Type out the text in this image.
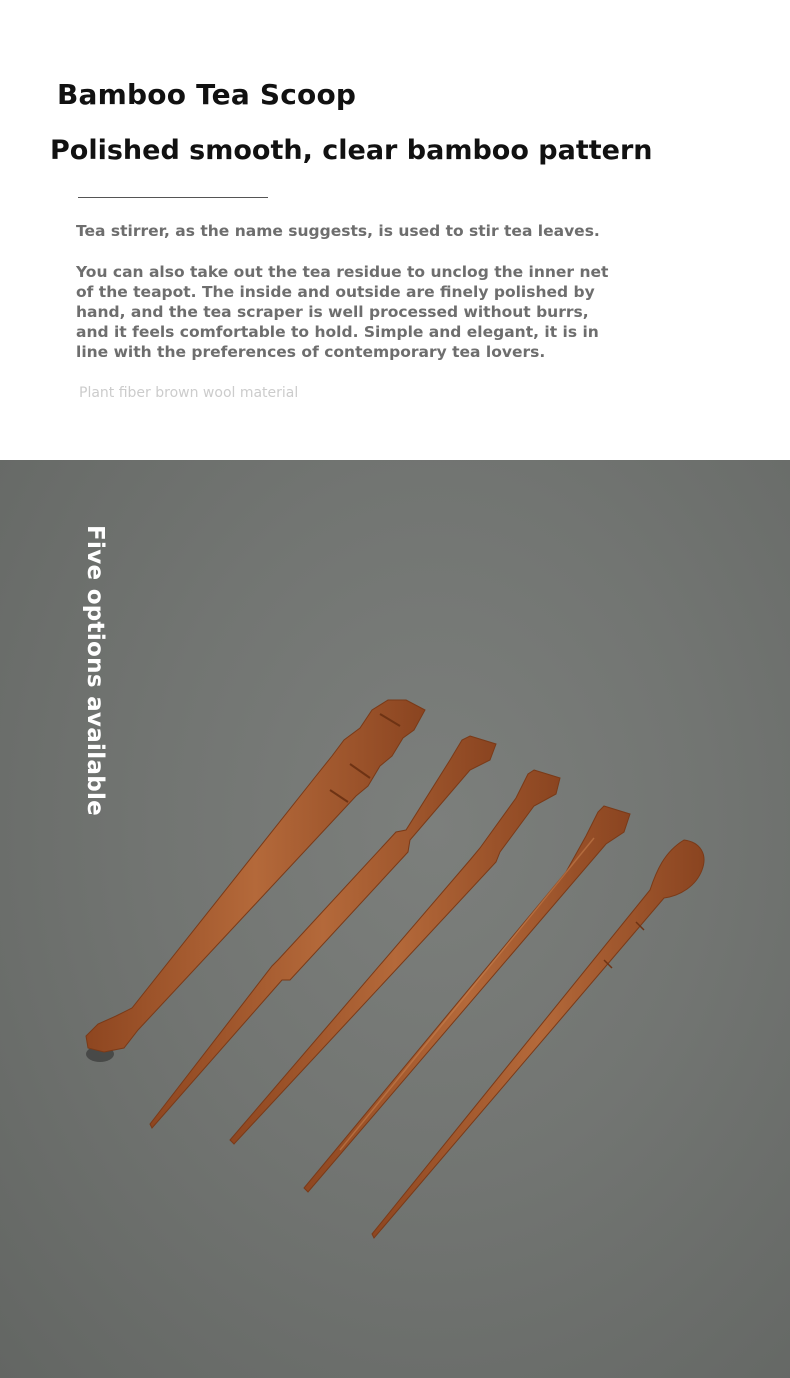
Bamboo Tea Scoop
Polished smooth, clear bamboo pattern
Tea stirrer, as the name suggests, is used to stir tea leaves.
You can also take out the tea residue to unclog the inner net of the teapot. The inside and outside are finely polished by hand, and the tea scraper is well processed without burrs, and it feels comfortable to hold. Simple and elegant, it is in line with the preferences of contemporary tea lovers.
Plant fiber brown wool material
Five options available
